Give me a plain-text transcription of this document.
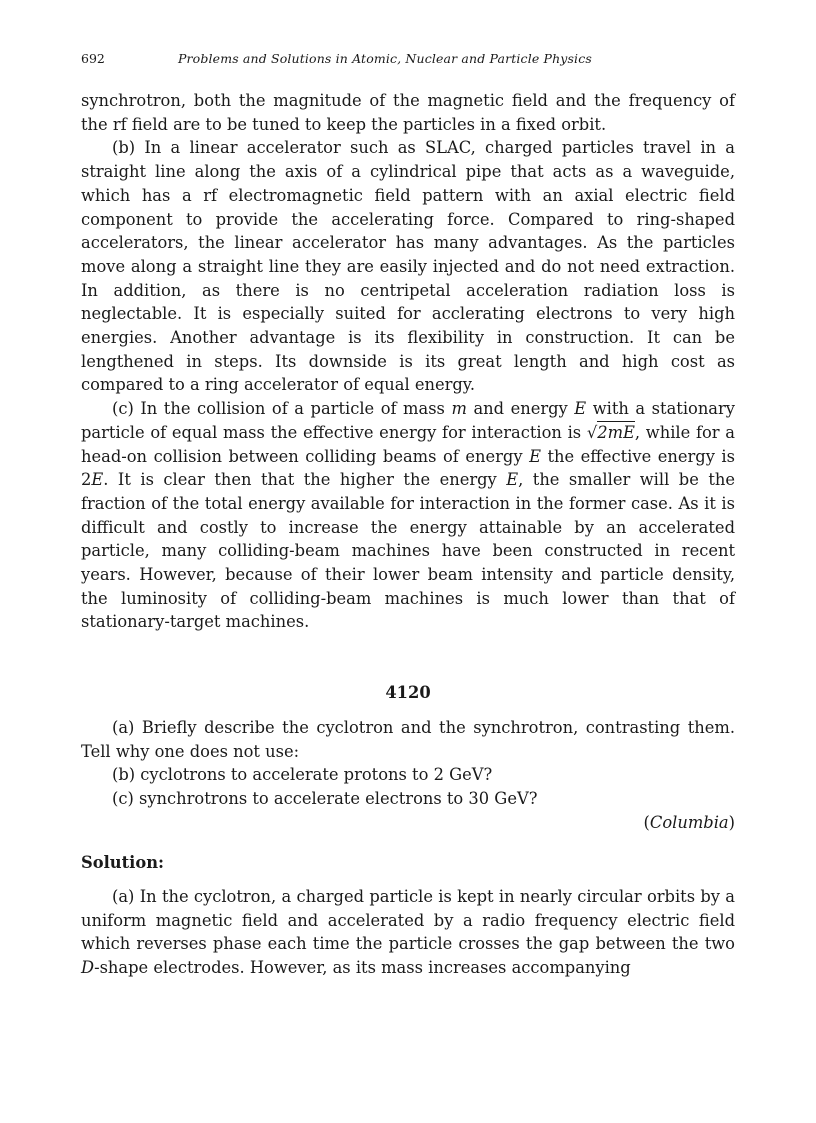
692	Problems and Solutions in Atomic, Nuclear and Particle Physics

synchrotron, both the magnitude of the magnetic field and the frequency of the rf field are to be tuned to keep the particles in a fixed orbit.

(b) In a linear accelerator such as SLAC, charged particles travel in a straight line along the axis of a cylindrical pipe that acts as a waveguide, which has a rf electromagnetic field pattern with an axial electric field component to provide the accelerating force. Compared to ring-shaped accelerators, the linear accelerator has many advantages. As the particles move along a straight line they are easily injected and do not need extraction. In addition, as there is no centripetal acceleration radiation loss is neglectable. It is especially suited for acclerating electrons to very high energies. Another advantage is its flexibility in construction. It can be lengthened in steps. Its downside is its great length and high cost as compared to a ring accelerator of equal energy.

(c) In the collision of a particle of mass m and energy E with a stationary particle of equal mass the effective energy for interaction is √2mE, while for a head-on collision between colliding beams of energy E the effective energy is 2E. It is clear then that the higher the energy E, the smaller will be the fraction of the total energy available for interaction in the former case. As it is difficult and costly to increase the energy attainable by an accelerated particle, many colliding-beam machines have been constructed in recent years. However, because of their lower beam intensity and particle density, the luminosity of colliding-beam machines is much lower than that of stationary-target machines.

4120

(a) Briefly describe the cyclotron and the synchrotron, contrasting them. Tell why one does not use:

(b) cyclotrons to accelerate protons to 2 GeV?

(c) synchrotrons to accelerate electrons to 30 GeV?

(Columbia)

Solution:

(a) In the cyclotron, a charged particle is kept in nearly circular orbits by a uniform magnetic field and accelerated by a radio frequency electric field which reverses phase each time the particle crosses the gap between the two D-shape electrodes. However, as its mass increases accompanying
